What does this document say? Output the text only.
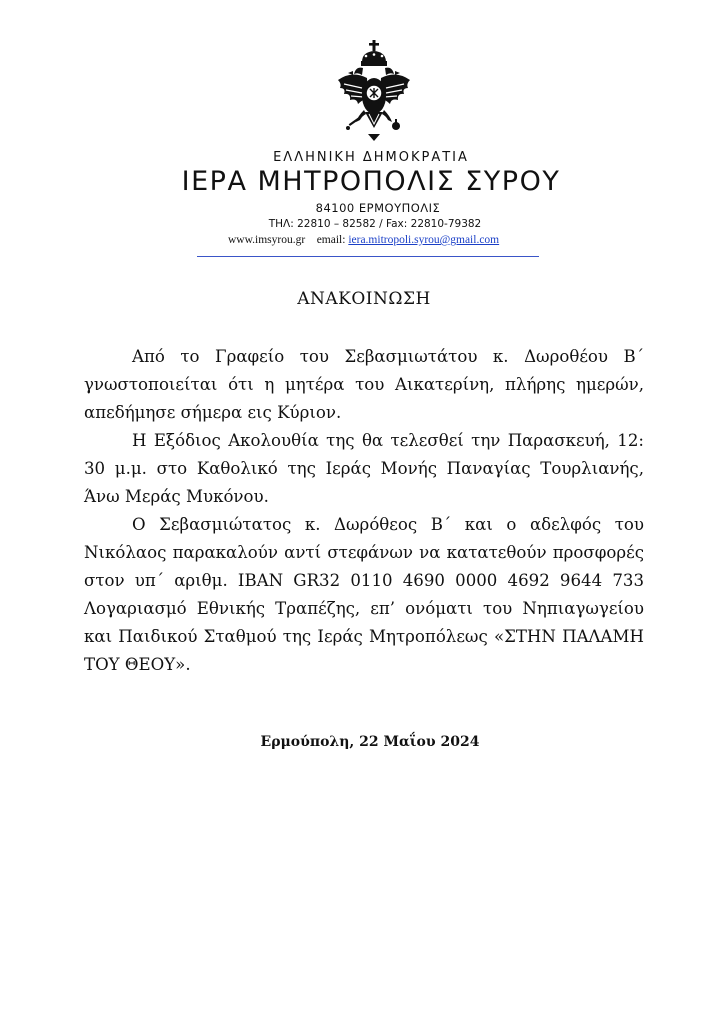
ΕΛΛΗΝΙΚΗ ΔΗΜΟΚΡΑΤΙΑ
ΙΕΡΑ ΜΗΤΡΟΠΟΛΙΣ ΣΥΡΟΥ
84100 ΕΡΜΟΥΠΟΛΙΣ
ΤΗΛ: 22810 – 82582 / Fax: 22810-79382
www.imsyrou.gr email: iera.mitropoli.syrou@gmail.com
ΑΝΑΚΟΙΝΩΣΗ

Από το Γραφείο του Σεβασμιωτάτου κ. Δωροθέου Β΄ γνωστοποιείται ότι η μητέρα του Αικατερίνη, πλήρης ημερών, απεδήμησε σήμερα εις Κύριον.

Η Εξόδιος Ακολουθία της θα τελεσθεί την Παρασκευή, 12: 30 μ.μ. στο Καθολικό της Ιεράς Μονής Παναγίας Τουρλιανής, Άνω Μεράς Μυκόνου.

Ο Σεβασμιώτατος κ. Δωρόθεος Β΄ και ο αδελφός του Νικόλαος παρακαλούν αντί στεφάνων να κατατεθούν προσφορές στον υπ΄ αριθμ. IBAN GR32 0110 4690 0000 4692 9644 733 Λογαριασμό Εθνικής Τραπέζης, επ’ ονόματι του Νηπιαγωγείου και Παιδικού Σταθμού της Ιεράς Μητροπόλεως «ΣΤΗΝ ΠΑΛΑΜΗ ΤΟΥ ΘΕΟΥ».

Ερμούπολη, 22 Μαΐου 2024
